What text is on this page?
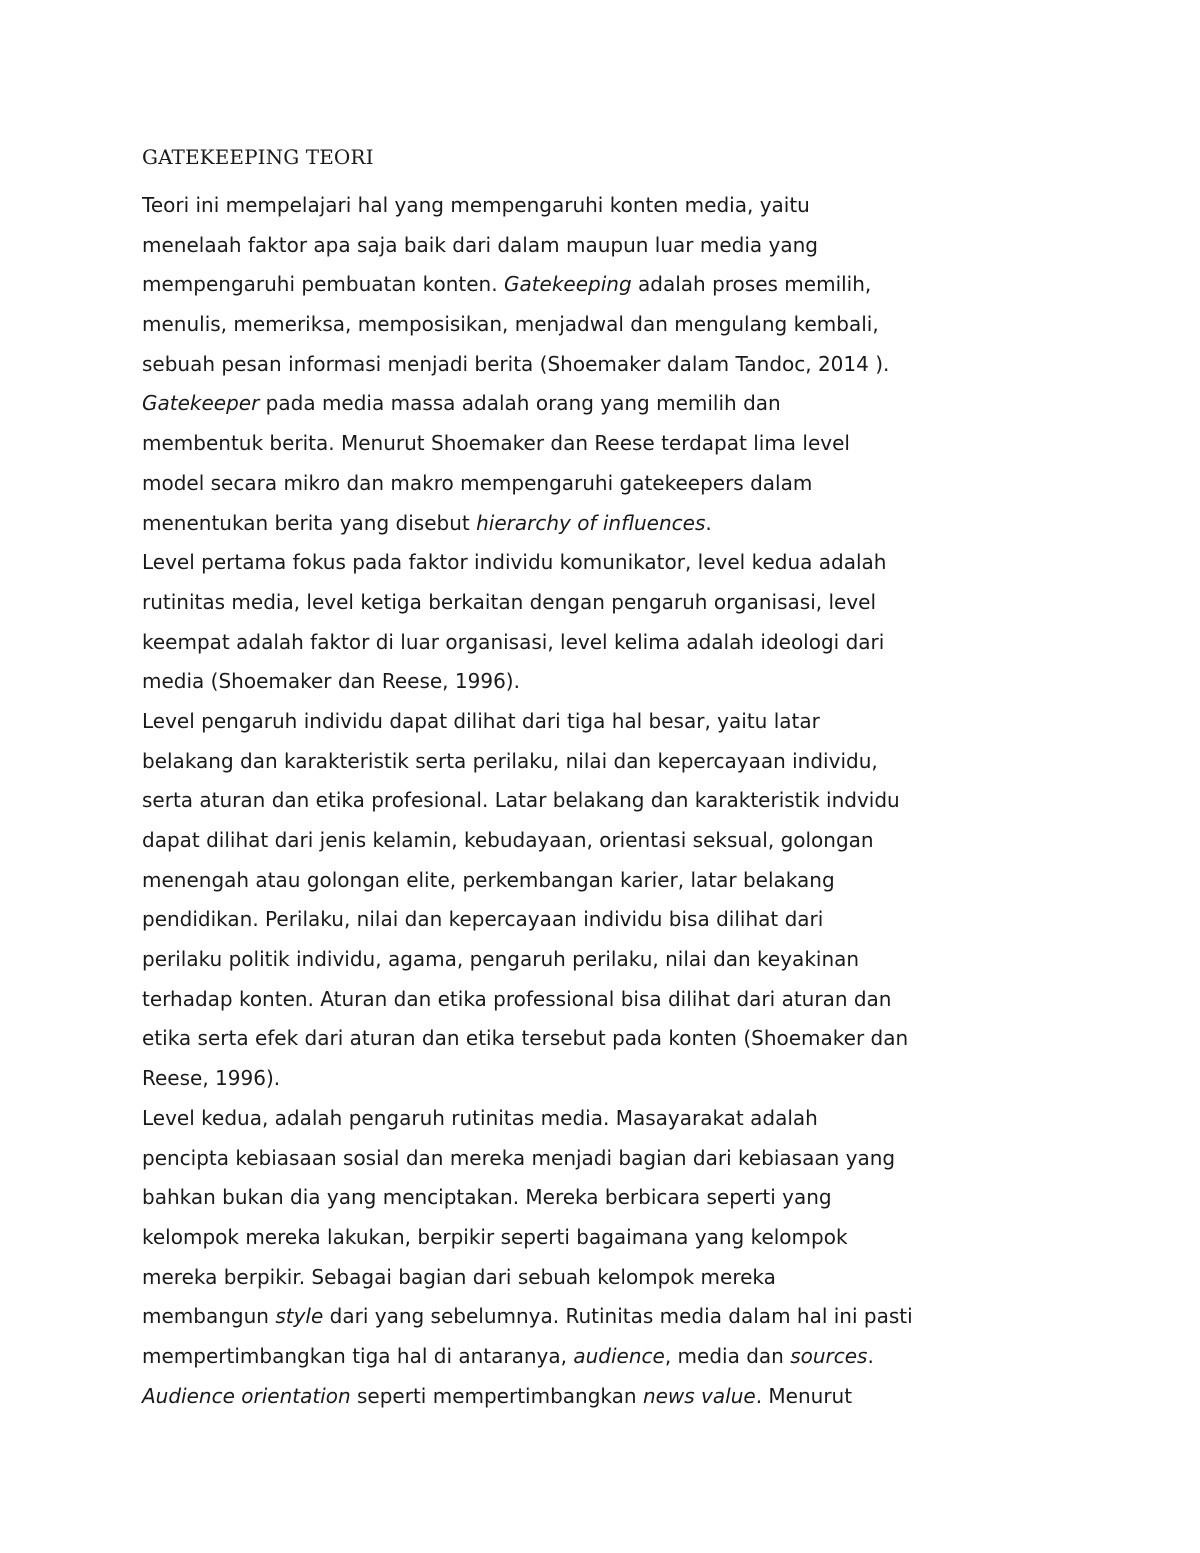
GATEKEEPING TEORI
Teori ini mempelajari hal yang mempengaruhi konten media, yaitu
menelaah faktor apa saja baik dari dalam maupun luar media yang
mempengaruhi pembuatan konten. Gatekeeping adalah proses memilih,
menulis, memeriksa, memposisikan, menjadwal dan mengulang kembali,
sebuah pesan informasi menjadi berita (Shoemaker dalam Tandoc, 2014 ).
Gatekeeper pada media massa adalah orang yang memilih dan
membentuk berita. Menurut Shoemaker dan Reese terdapat lima level
model secara mikro dan makro mempengaruhi gatekeepers dalam
menentukan berita yang disebut hierarchy of influences.
Level pertama fokus pada faktor individu komunikator, level kedua adalah
rutinitas media, level ketiga berkaitan dengan pengaruh organisasi, level
keempat adalah faktor di luar organisasi, level kelima adalah ideologi dari
media (Shoemaker dan Reese, 1996).
Level pengaruh individu dapat dilihat dari tiga hal besar, yaitu latar
belakang dan karakteristik serta perilaku, nilai dan kepercayaan individu,
serta aturan dan etika profesional. Latar belakang dan karakteristik indvidu
dapat dilihat dari jenis kelamin, kebudayaan, orientasi seksual, golongan
menengah atau golongan elite, perkembangan karier, latar belakang
pendidikan. Perilaku, nilai dan kepercayaan individu bisa dilihat dari
perilaku politik individu, agama, pengaruh perilaku, nilai dan keyakinan
terhadap konten. Aturan dan etika professional bisa dilihat dari aturan dan
etika serta efek dari aturan dan etika tersebut pada konten (Shoemaker dan
Reese, 1996).
Level kedua, adalah pengaruh rutinitas media. Masayarakat adalah
pencipta kebiasaan sosial dan mereka menjadi bagian dari kebiasaan yang
bahkan bukan dia yang menciptakan. Mereka berbicara seperti yang
kelompok mereka lakukan, berpikir seperti bagaimana yang kelompok
mereka berpikir. Sebagai bagian dari sebuah kelompok mereka
membangun style dari yang sebelumnya. Rutinitas media dalam hal ini pasti
mempertimbangkan tiga hal di antaranya, audience, media dan sources.
Audience orientation seperti mempertimbangkan news value. Menurut
